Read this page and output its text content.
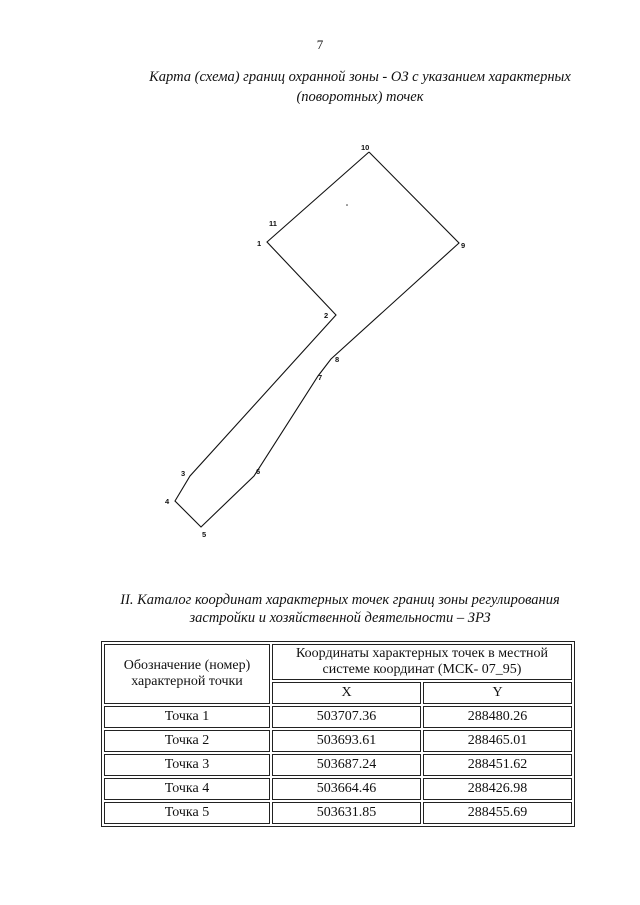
7
Карта (схема) границ охранной зоны - ОЗ с указанием характерных
(поворотных) точек
10
11
1
2
3
4
5
6
7
8
9
II. Каталог координат характерных точек границ зоны регулирования
застройки и хозяйственной деятельности – ЗРЗ
Обозначение (номер) характерной точки	Координаты характерных точек в местной системе координат (МСК- 07_95)	
	X	Y
Точка 1	503707.36	288480.26
Точка 2	503693.61	288465.01
Точка 3	503687.24	288451.62
Точка 4	503664.46	288426.98
Точка 5	503631.85	288455.69
